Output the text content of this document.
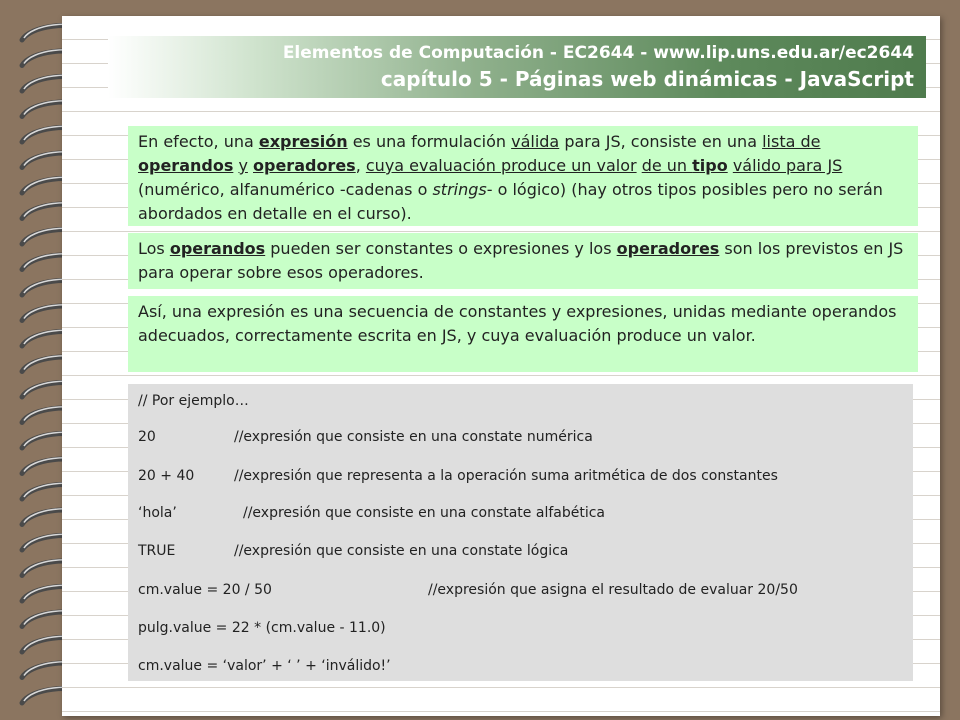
Elementos de Computación - EC2644 - www.lip.uns.edu.ar/ec2644
capítulo 5 - Páginas web dinámicas - JavaScript
En efecto, una expresión es una formulación válida para JS, consiste en una lista de operandos y operadores, cuya evaluación produce un valor de un tipo válido para JS (numérico, alfanumérico -cadenas o strings- o lógico) (hay otros tipos posibles pero no serán abordados en detalle en el curso).
Los operandos pueden ser constantes o expresiones y los operadores son los previstos en JS para operar sobre esos operadores.
Así, una expresión es una secuencia de constantes y expresiones, unidas mediante operandos adecuados, correctamente escrita en JS, y cuya evaluación produce un valor.
// Por ejemplo…
20	//expresión que consiste en una constate numérica
20 + 40	//expresión que representa a la operación suma aritmética de dos constantes
‘hola’	//expresión que consiste en una constate alfabética
TRUE	//expresión que consiste en una constate lógica
cm.value = 20 / 50	//expresión que asigna el resultado de evaluar 20/50
pulg.value = 22 * (cm.value - 11.0)
cm.value = ‘valor’ + ‘ ’ + ‘inválido!’
